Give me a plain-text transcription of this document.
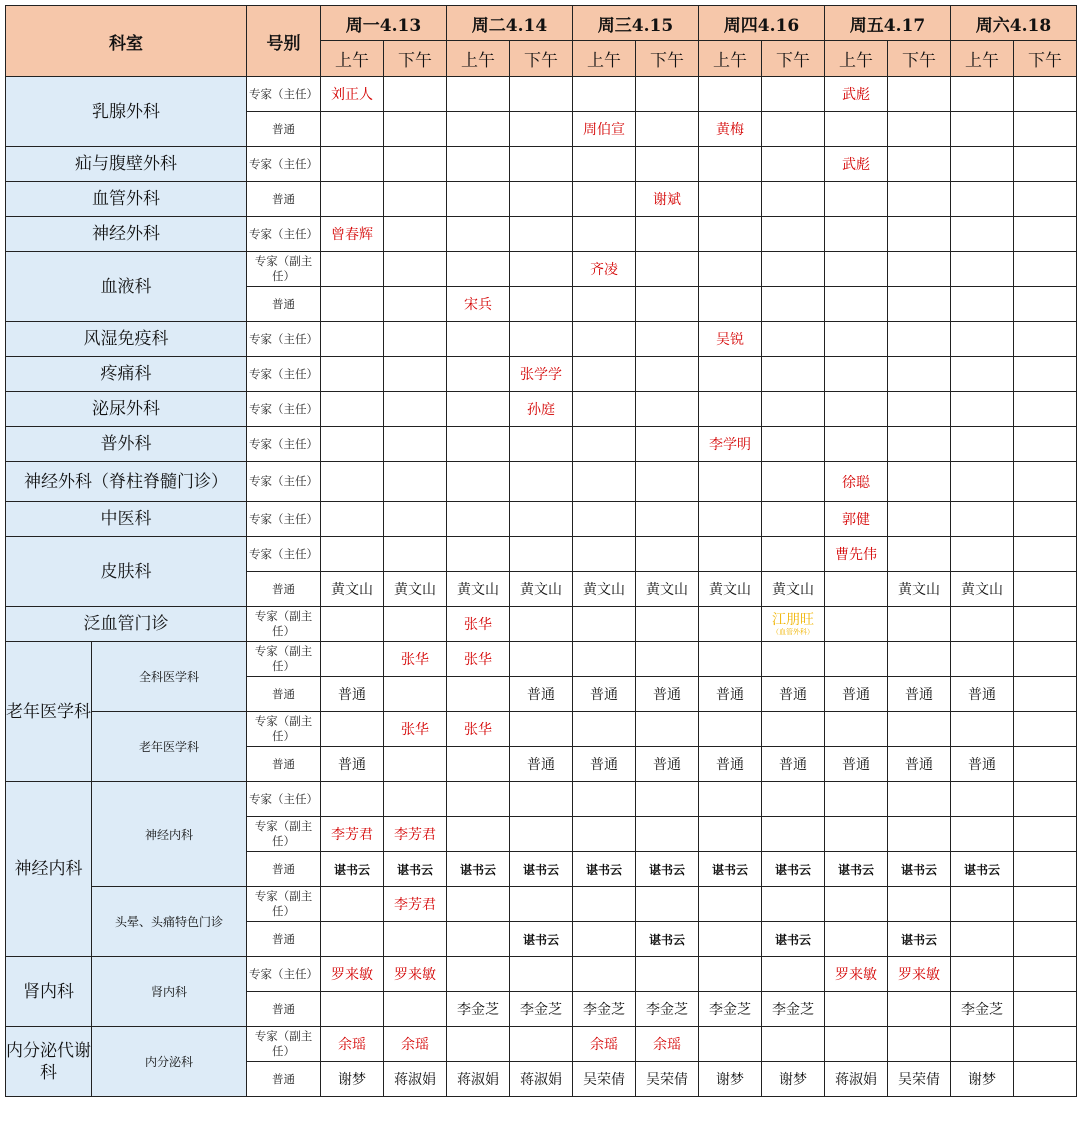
科室		号别	周一4.13		周二4.14		周三4.15		周四4.16		周五4.17		周六4.18	
			上午	下午	上午	下午	上午	下午	上午	下午	上午	下午	上午	下午
乳腺外科		专家（主任）	刘正人								武彪			
		普通					周伯宣		黄梅					
疝与腹壁外科		专家（主任）									武彪			
血管外科		普通						谢斌						
神经外科		专家（主任）	曾春辉											
血液科		专家（副主任）					齐凌							
		普通			宋兵									
风湿免疫科		专家（主任）							吴锐					
疼痛科		专家（主任）				张学学								
泌尿外科		专家（主任）				孙庭								
普外科		专家（主任）							李学明					
神经外科（脊柱脊髓门诊）		专家（主任）									徐聪			
中医科		专家（主任）									郭健			
皮肤科		专家（主任）									曹先伟			
		普通	黄文山	黄文山	黄文山	黄文山	黄文山	黄文山	黄文山	黄文山		黄文山	黄文山	
泛血管门诊		专家（副主任）			张华					江朋旺
（血管外科）				

老年医学科	全科医学科	专家（副主任）		张华	张华									
		普通	普通			普通	普通	普通	普通	普通	普通	普通	普通	
	老年医学科	专家（副主任）		张华	张华									
		普通	普通			普通	普通	普通	普通	普通	普通	普通	普通	
神经内科	神经内科	专家（主任）												
		专家（副主任）	李芳君	李芳君										
		普通	谌书云	谌书云	谌书云	谌书云	谌书云	谌书云	谌书云	谌书云	谌书云	谌书云	谌书云	
	头晕、头痛特色门诊	专家（副主任）		李芳君										
		普通				谌书云		谌书云		谌书云		谌书云		
肾内科	肾内科	专家（主任）	罗来敏	罗来敏							罗来敏	罗来敏		
		普通			李金芝	李金芝	李金芝	李金芝	李金芝	李金芝			李金芝	
内分泌代谢科	内分泌科	专家（副主任）	余瑶	余瑶			余瑶	余瑶						
		普通	谢梦	蒋淑娟	蒋淑娟	蒋淑娟	吴荣倩	吴荣倩	谢梦	谢梦	蒋淑娟	吴荣倩	谢梦	
